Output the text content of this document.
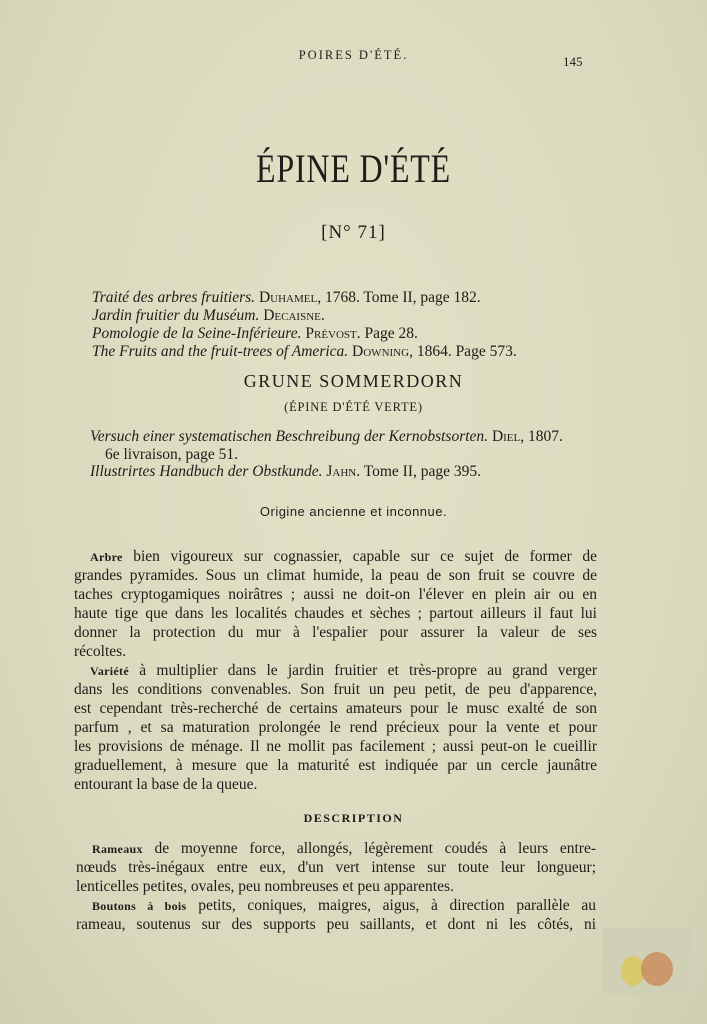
POIRES D'ÉTÉ.	145
ÉPINE D'ÉTÉ
[N° 71]
Traité des arbres fruitiers. Duhamel, 1768. Tome II, page 182.
Jardin fruitier du Muséum. Decaisne.
Pomologie de la Seine-Inférieure. Prévost. Page 28.
The Fruits and the fruit-trees of America. Downing, 1864. Page 573.
GRUNE SOMMERDORN
(ÉPINE D'ÉTÉ VERTE)
Versuch einer systematischen Beschreibung der Kernobstsorten. Diel, 1807.
6e livraison, page 51.
Illustrirtes Handbuch der Obstkunde. Jahn. Tome II, page 395.
Origine ancienne et inconnue.
Arbre bien vigoureux sur cognassier, capable sur ce sujet de former de
grandes pyramides. Sous un climat humide, la peau de son fruit se couvre de
taches cryptogamiques noirâtres ; aussi ne doit-on l'élever en plein air ou en
haute tige que dans les localités chaudes et sèches ; partout ailleurs il faut lui
donner la protection du mur à l'espalier pour assurer la valeur de ses
récoltes.
Variété à multiplier dans le jardin fruitier et très-propre au grand verger
dans les conditions convenables. Son fruit un peu petit, de peu d'apparence,
est cependant très-recherché de certains amateurs pour le musc exalté de son
parfum , et sa maturation prolongée le rend précieux pour la vente et pour
les provisions de ménage. Il ne mollit pas facilement ; aussi peut-on le cueillir
graduellement, à mesure que la maturité est indiquée par un cercle jaunâtre
entourant la base de la queue.
DESCRIPTION
Rameaux de moyenne force, allongés, légèrement coudés à leurs entre-
nœuds très-inégaux entre eux, d'un vert intense sur toute leur longueur;
lenticelles petites, ovales, peu nombreuses et peu apparentes.
Boutons à bois petits, coniques, maigres, aigus, à direction parallèle au
rameau, soutenus sur des supports peu saillants, et dont ni les côtés, ni
